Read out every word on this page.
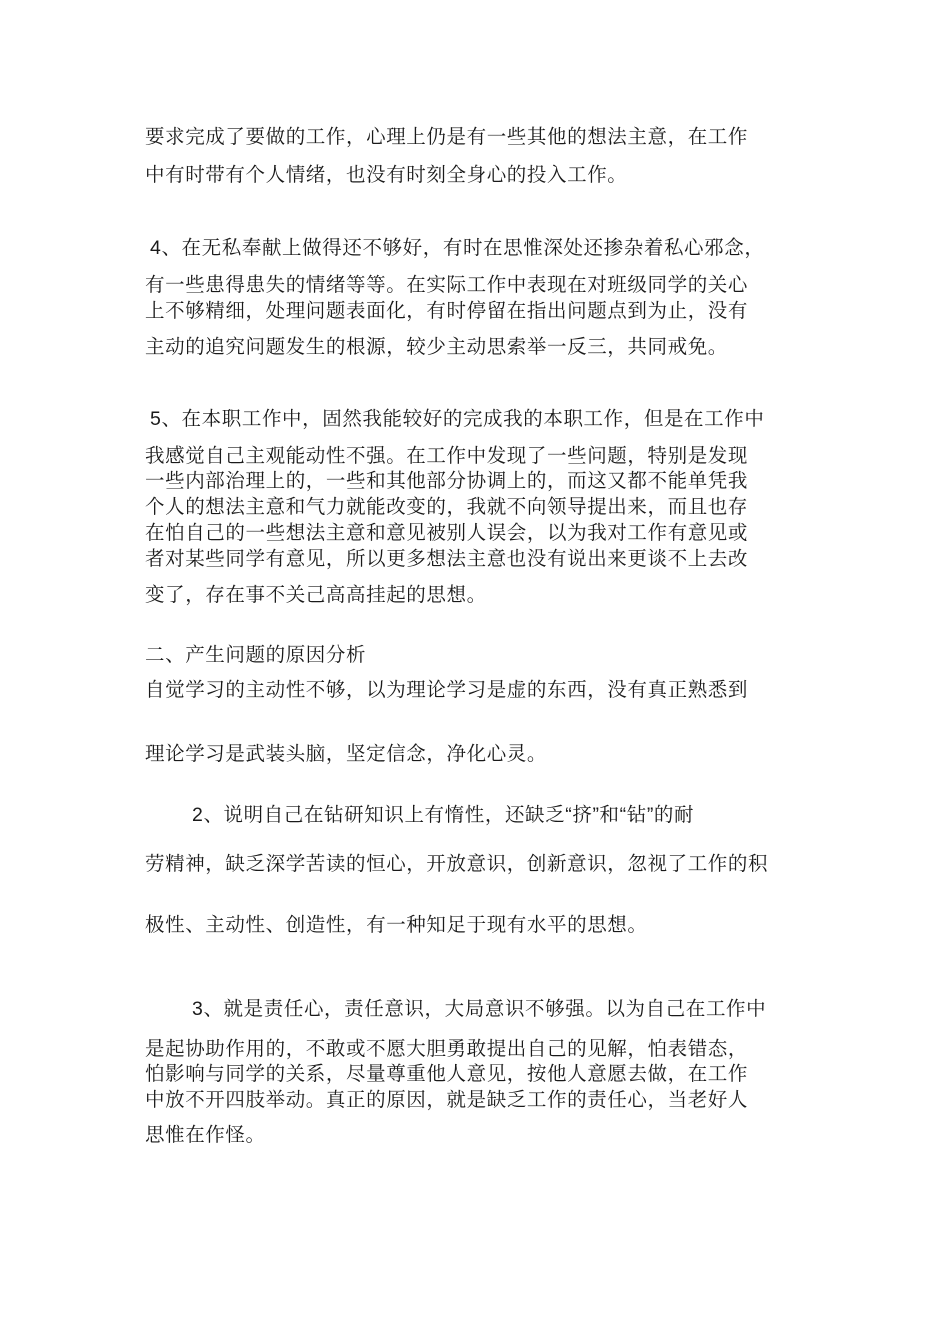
要求完成了要做的工作，心理上仍是有一些其他的想法主意，在工作
中有时带有个人情绪，也没有时刻全身心的投入工作。
4、在无私奉献上做得还不够好，有时在思惟深处还掺杂着私心邪念，
有一些患得患失的情绪等等。在实际工作中表现在对班级同学的关心
上不够精细，处理问题表面化，有时停留在指出问题点到为止，没有
主动的追究问题发生的根源，较少主动思索举一反三，共同戒免。
5、在本职工作中，固然我能较好的完成我的本职工作，但是在工作中
我感觉自己主观能动性不强。在工作中发现了一些问题，特别是发现
一些内部治理上的，一些和其他部分协调上的，而这又都不能单凭我
个人的想法主意和气力就能改变的，我就不向领导提出来，而且也存
在怕自己的一些想法主意和意见被别人误会，以为我对工作有意见或
者对某些同学有意见，所以更多想法主意也没有说出来更谈不上去改
变了，存在事不关己高高挂起的思想。
二、产生问题的原因分析
自觉学习的主动性不够，以为理论学习是虚的东西，没有真正熟悉到
理论学习是武装头脑，坚定信念，净化心灵。
2、说明自己在钻研知识上有惰性，还缺乏“挤”和“钻”的耐
劳精神，缺乏深学苦读的恒心，开放意识，创新意识，忽视了工作的积
极性、主动性、创造性，有一种知足于现有水平的思想。
3、就是责任心，责任意识，大局意识不够强。以为自己在工作中
是起协助作用的，不敢或不愿大胆勇敢提出自己的见解，怕表错态，
怕影响与同学的关系，尽量尊重他人意见，按他人意愿去做，在工作
中放不开四肢举动。真正的原因，就是缺乏工作的责任心，当老好人
思惟在作怪。
